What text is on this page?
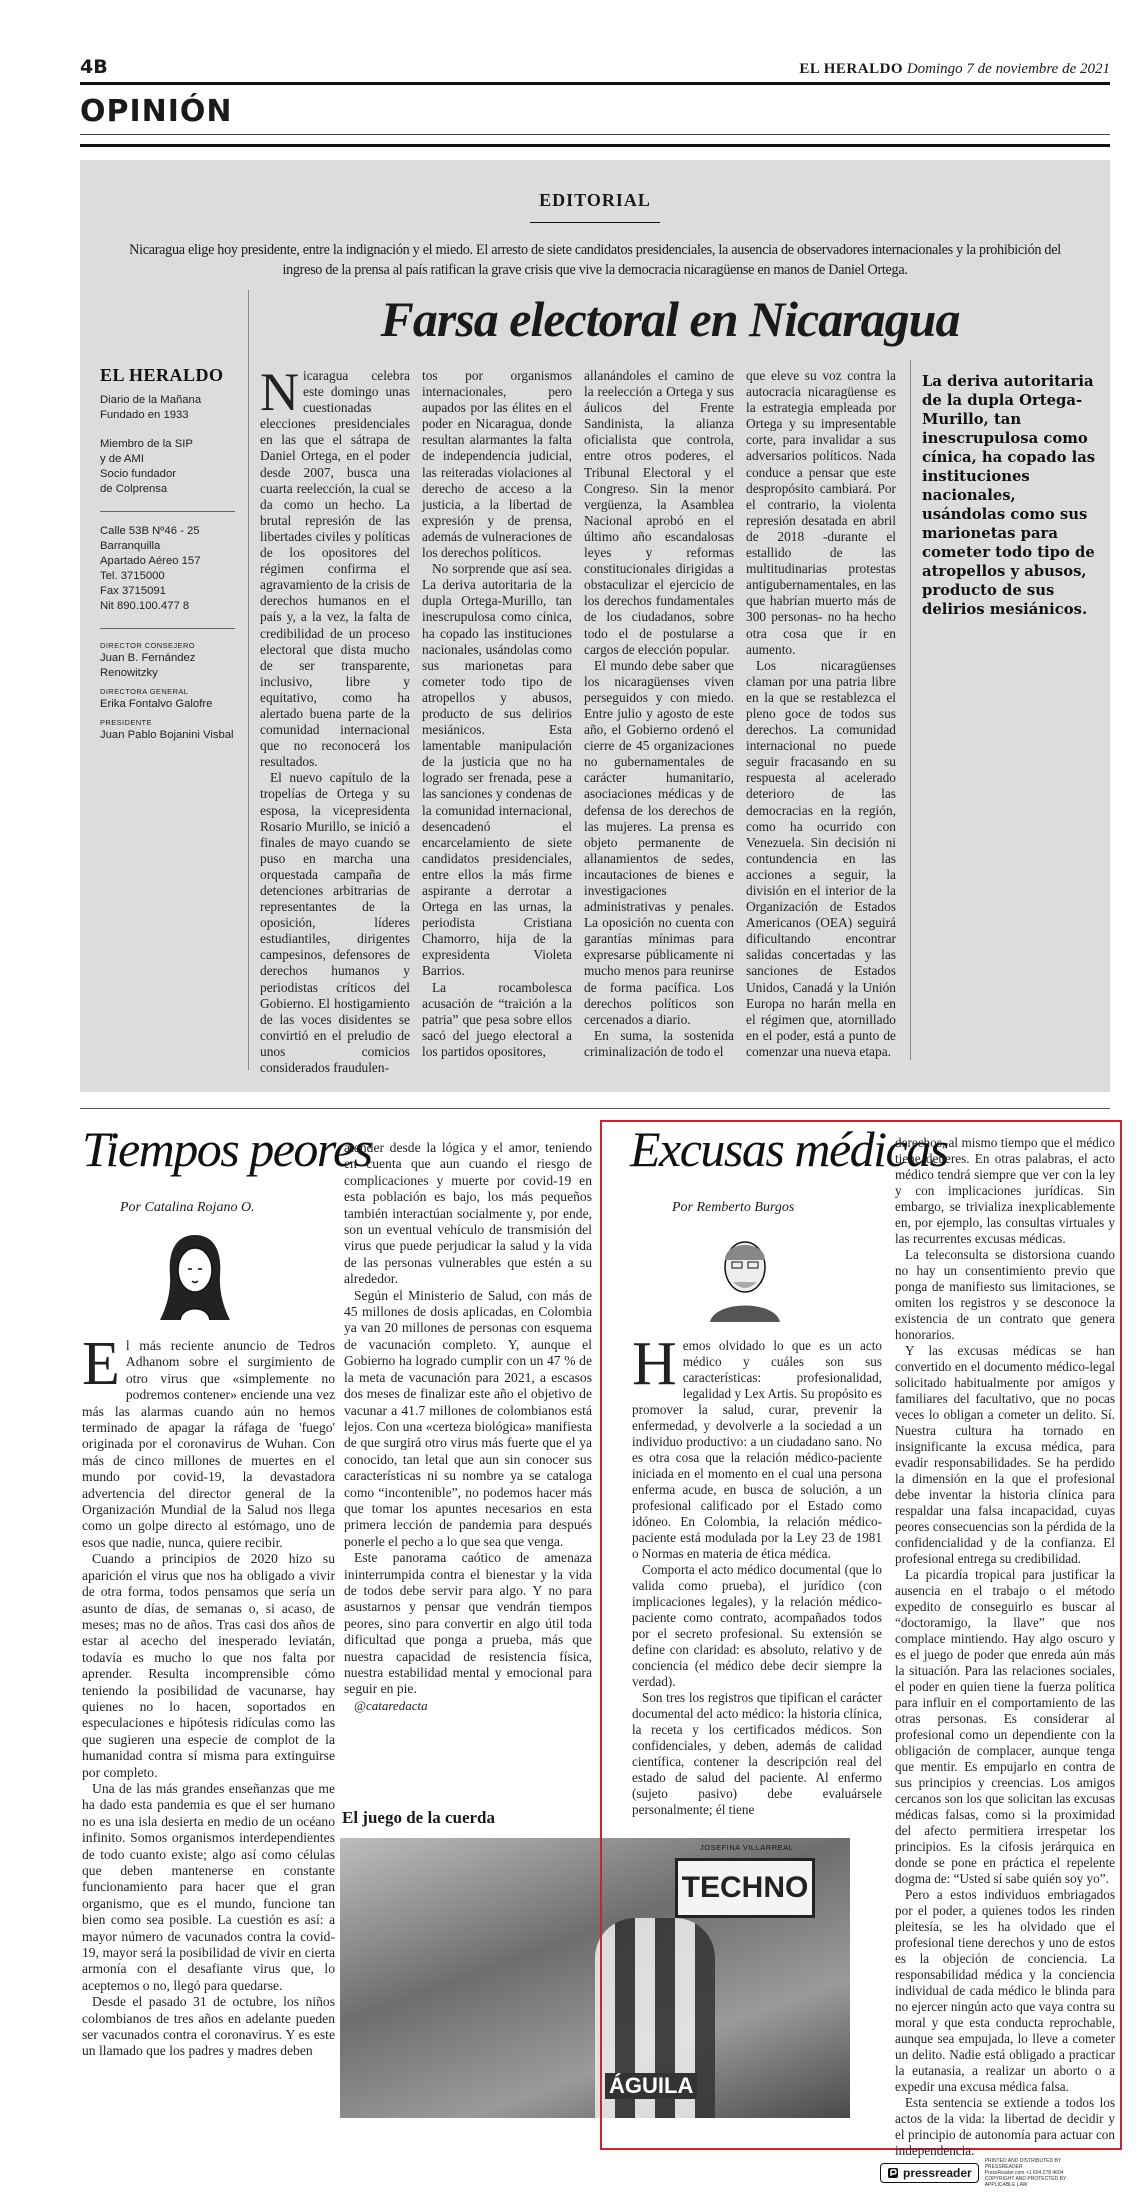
4B	EL HERALDO Domingo 7 de noviembre de 2021
OPINIÓN
EDITORIAL
Nicaragua elige hoy presidente, entre la indignación y el miedo. El arresto de siete candidatos presidenciales, la ausencia de observadores internacionales y la prohibición del ingreso de la prensa al país ratifican la grave crisis que vive la democracia nicaragüense en manos de Daniel Ortega.
Farsa electoral en Nicaragua
EL HERALDO
Diario de la Mañana
Fundado en 1933
Miembro de la SIP
y de AMI
Socio fundador
de Colprensa
Calle 53B Nº46 - 25
Barranquilla
Apartado Aéreo 157
Tel. 3715000
Fax 3715091
Nit 890.100.477 8
DIRECTOR CONSEJERO
Juan B. Fernández Renowitzky
DIRECTORA GENERAL
Erika Fontalvo Galofre
PRESIDENTE
Juan Pablo Bojanini Visbal
Nicaragua celebra este domingo unas cuestionadas elecciones presidenciales en las que el sátrapa de Daniel Ortega, en el poder desde 2007, busca una cuarta reelección, la cual se da como un hecho. La brutal represión de las libertades civiles y políticas de los opositores del régimen confirma el agravamiento de la crisis de derechos humanos en el país y, a la vez, la falta de credibilidad de un proceso electoral que dista mucho de ser transparente, inclusivo, libre y equitativo, como ha alertado buena parte de la comunidad internacional que no reconocerá los resultados.

El nuevo capítulo de la tropelías de Ortega y su esposa, la vicepresidenta Rosario Murillo, se inició a finales de mayo cuando se puso en marcha una orquestada campaña de detenciones arbitrarias de representantes de la oposición, líderes estudiantiles, dirigentes campesinos, defensores de derechos humanos y periodistas críticos del Gobierno. El hostigamiento de las voces disidentes se convirtió en el preludio de unos comicios considerados fraudulen-

tos por organismos internacionales, pero aupados por las élites en el poder en Nicaragua, donde resultan alarmantes la falta de independencia judicial, las reiteradas violaciones al derecho de acceso a la justicia, a la libertad de expresión y de prensa, además de vulneraciones de los derechos políticos.

No sorprende que así sea. La deriva autoritaria de la dupla Ortega-Murillo, tan inescrupulosa como cínica, ha copado las instituciones nacionales, usándolas como sus marionetas para cometer todo tipo de atropellos y abusos, producto de sus delirios mesiánicos. Esta lamentable manipulación de la justicia que no ha logrado ser frenada, pese a las sanciones y condenas de la comunidad internacional, desencadenó el encarcelamiento de siete candidatos presidenciales, entre ellos la más firme aspirante a derrotar a Ortega en las urnas, la periodista Cristiana Chamorro, hija de la expresidenta Violeta Barrios.

La rocambolesca acusación de “traición a la patria” que pesa sobre ellos sacó del juego electoral a los partidos opositores,

allanándoles el camino de la reelección a Ortega y sus áulicos del Frente Sandinista, la alianza oficialista que controla, entre otros poderes, el Tribunal Electoral y el Congreso. Sin la menor vergüenza, la Asamblea Nacional aprobó en el último año escandalosas leyes y reformas constitucionales dirigidas a obstaculizar el ejercicio de los derechos fundamentales de los ciudadanos, sobre todo el de postularse a cargos de elección popular.

El mundo debe saber que los nicaragüenses viven perseguidos y con miedo. Entre julio y agosto de este año, el Gobierno ordenó el cierre de 45 organizaciones no gubernamentales de carácter humanitario, asociaciones médicas y de defensa de los derechos de las mujeres. La prensa es objeto permanente de allanamientos de sedes, incautaciones de bienes e investigaciones administrativas y penales. La oposición no cuenta con garantías mínimas para expresarse públicamente ni mucho menos para reunirse de forma pacífica. Los derechos políticos son cercenados a diario.

En suma, la sostenida criminalización de todo el

que eleve su voz contra la autocracia nicaragüense es la estrategia empleada por Ortega y su impresentable corte, para invalidar a sus adversarios políticos. Nada conduce a pensar que este despropósito cambiará. Por el contrario, la violenta represión desatada en abril de 2018 -durante el estallido de las multitudinarias protestas antigubernamentales, en las que habrían muerto más de 300 personas- no ha hecho otra cosa que ir en aumento.

Los nicaragüenses claman por una patria libre en la que se restablezca el pleno goce de todos sus derechos. La comunidad internacional no puede seguir fracasando en su respuesta al acelerado deterioro de las democracias en la región, como ha ocurrido con Venezuela. Sin decisión ni contundencia en las acciones a seguir, la división en el interior de la Organización de Estados Americanos (OEA) seguirá dificultando encontrar salidas concertadas y las sanciones de Estados Unidos, Canadá y la Unión Europa no harán mella en el régimen que, atornillado en el poder, está a punto de comenzar una nueva etapa.

La deriva autoritaria de la dupla Ortega-Murillo, tan inescrupulosa como cínica, ha copado las instituciones nacionales, usándolas como sus marionetas para cometer todo tipo de atropellos y abusos, producto de sus delirios mesiánicos.
Tiempos peores
Por Catalina Rojano O.
El más reciente anuncio de Tedros Adhanom sobre el surgimiento de otro virus que «simplemente no podremos contener» enciende una vez más las alarmas cuando aún no hemos terminado de apagar la ráfaga de 'fuego' originada por el coronavirus de Wuhan. Con más de cinco millones de muertes en el mundo por covid-19, la devastadora advertencia del director general de la Organización Mundial de la Salud nos llega como un golpe directo al estómago, uno de esos que nadie, nunca, quiere recibir.

Cuando a principios de 2020 hizo su aparición el virus que nos ha obligado a vivir de otra forma, todos pensamos que sería un asunto de días, de semanas o, si acaso, de meses; mas no de años. Tras casi dos años de estar al acecho del inesperado leviatán, todavía es mucho lo que nos falta por aprender. Resulta incomprensible cómo teniendo la posibilidad de vacunarse, hay quienes no lo hacen, soportados en especulaciones e hipótesis ridículas como las que sugieren una especie de complot de la humanidad contra sí misma para extinguirse por completo.

Una de las más grandes enseñanzas que me ha dado esta pandemia es que el ser humano no es una isla desierta en medio de un océano infinito. Somos organismos interdependientes de todo cuanto existe; algo así como células que deben mantenerse en constante funcionamiento para hacer que el gran organismo, que es el mundo, funcione tan bien como sea posible. La cuestión es así: a mayor número de vacunados contra la covid-19, mayor será la posibilidad de vivir en cierta armonía con el desafiante virus que, lo aceptemos o no, llegó para quedarse.

Desde el pasado 31 de octubre, los niños colombianos de tres años en adelante pueden ser vacunados contra el coronavirus. Y es este un llamado que los padres y madres deben

atender desde la lógica y el amor, teniendo en cuenta que aun cuando el riesgo de complicaciones y muerte por covid-19 en esta población es bajo, los más pequeños también interactúan socialmente y, por ende, son un eventual vehículo de transmisión del virus que puede perjudicar la salud y la vida de las personas vulnerables que estén a su alrededor.

Según el Ministerio de Salud, con más de 45 millones de dosis aplicadas, en Colombia ya van 20 millones de personas con esquema de vacunación completo. Y, aunque el Gobierno ha logrado cumplir con un 47 % de la meta de vacunación para 2021, a escasos dos meses de finalizar este año el objetivo de vacunar a 41.7 millones de colombianos está lejos. Con una «certeza biológica» manifiesta de que surgirá otro virus más fuerte que el ya conocido, tan letal que aun sin conocer sus características ni su nombre ya se cataloga como “incontenible”, no podemos hacer más que tomar los apuntes necesarios en esta primera lección de pandemia para después ponerle el pecho a lo que sea que venga.

Este panorama caótico de amenaza ininterrumpida contra el bienestar y la vida de todos debe servir para algo. Y no para asustarnos y pensar que vendrán tiempos peores, sino para convertir en algo útil toda dificultad que ponga a prueba, más que nuestra capacidad de resistencia física, nuestra estabilidad mental y emocional para seguir en pie.

@cataredacta

El juego de la cuerda
TECHNO
ÁGUILA
JOSEFINA VILLARREAL
Excusas médicas
Por Remberto Burgos
Hemos olvidado lo que es un acto médico y cuáles son sus características: profesionalidad, legalidad y Lex Artis. Su propósito es promover la salud, curar, prevenir la enfermedad, y devolverle a la sociedad a un individuo productivo: a un ciudadano sano. No es otra cosa que la relación médico-paciente iniciada en el momento en el cual una persona enferma acude, en busca de solución, a un profesional calificado por el Estado como idóneo. En Colombia, la relación médico-paciente está modulada por la Ley 23 de 1981 o Normas en materia de ética médica.

Comporta el acto médico documental (que lo valida como prueba), el jurídico (con implicaciones legales), y la relación médico-paciente como contrato, acompañados todos por el secreto profesional. Su extensión se define con claridad: es absoluto, relativo y de conciencia (el médico debe decir siempre la verdad).

Son tres los registros que tipifican el carácter documental del acto médico: la historia clínica, la receta y los certificados médicos. Son confidenciales, y deben, además de calidad científica, contener la descripción real del estado de salud del paciente. Al enfermo (sujeto pasivo) debe evaluársele personalmente; él tiene

derechos, al mismo tiempo que el médico tiene deberes. En otras palabras, el acto médico tendrá siempre que ver con la ley y con implicaciones jurídicas. Sin embargo, se trivializa inexplicablemente en, por ejemplo, las consultas virtuales y las recurrentes excusas médicas.

La teleconsulta se distorsiona cuando no hay un consentimiento previo que ponga de manifiesto sus limitaciones, se omiten los registros y se desconoce la existencia de un contrato que genera honorarios.

Y las excusas médicas se han convertido en el documento médico-legal solicitado habitualmente por amigos y familiares del facultativo, que no pocas veces lo obligan a cometer un delito. Sí. Nuestra cultura ha tornado en insignificante la excusa médica, para evadir responsabilidades. Se ha perdido la dimensión en la que el profesional debe inventar la historia clínica para respaldar una falsa incapacidad, cuyas peores consecuencias son la pérdida de la confidencialidad y de la confianza. El profesional entrega su credibilidad.

La picardía tropical para justificar la ausencia en el trabajo o el método expedito de conseguirlo es buscar al “doctoramigo, la llave” que nos complace mintiendo. Hay algo oscuro y es el juego de poder que enreda aún más la situación. Para las relaciones sociales, el poder en quien tiene la fuerza política para influir en el comportamiento de las otras personas. Es considerar al profesional como un dependiente con la obligación de complacer, aunque tenga que mentir. Es empujarlo en contra de sus principios y creencias. Los amigos cercanos son los que solicitan las excusas médicas falsas, como si la proximidad del afecto permitiera irrespetar los principios. Es la cifosis jerárquica en donde se pone en práctica el repelente dogma de: “Usted sí sabe quién soy yo”.

Pero a estos individuos embriagados por el poder, a quienes todos les rinden pleitesía, se les ha olvidado que el profesional tiene derechos y uno de estos es la objeción de conciencia. La responsabilidad médica y la conciencia individual de cada médico le blinda para no ejercer ningún acto que vaya contra su moral y que esta conducta reprochable, aunque sea empujada, lo lleve a cometer un delito. Nadie está obligado a practicar la eutanasia, a realizar un aborto o a expedir una excusa médica falsa.

Esta sentencia se extiende a todos los actos de la vida: la libertad de decidir y el principio de autonomía para actuar con independencia.

pressreader
PRINTED AND DISTRIBUTED BY PRESSREADER
PressReader.com +1 604 278 4604
COPYRIGHT AND PROTECTED BY APPLICABLE LAW
